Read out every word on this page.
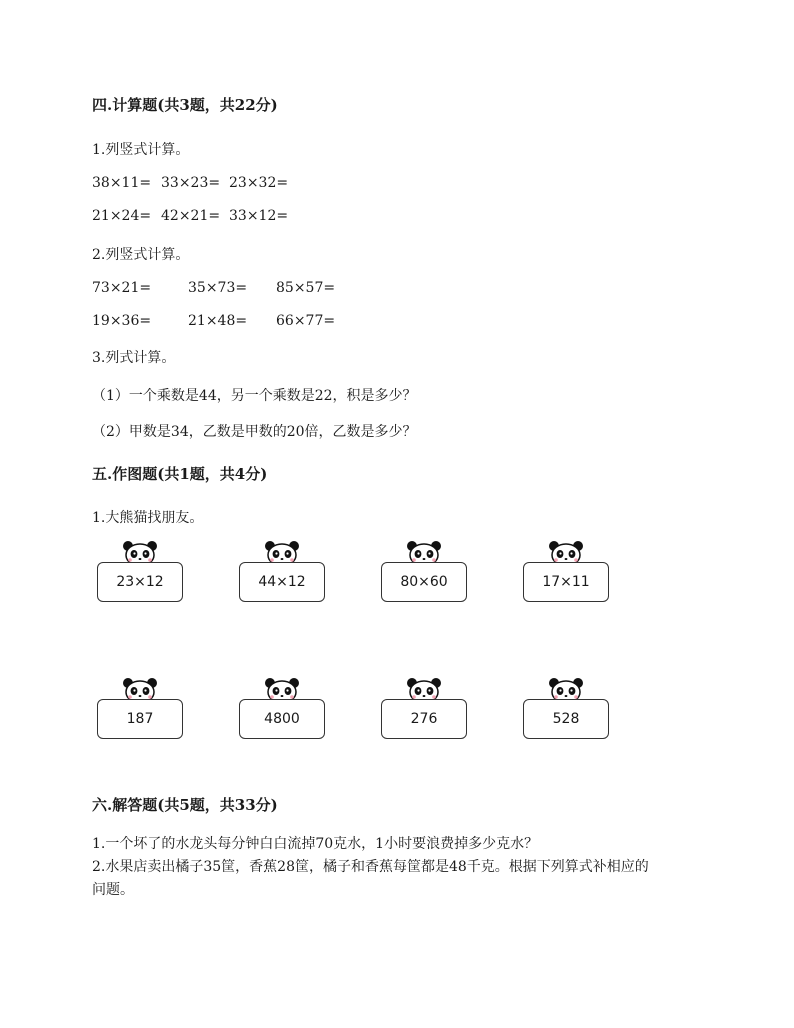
四.计算题(共3题，共22分)
1.列竖式计算。
38×11= 33×23= 23×32=
21×24= 42×21= 33×12=
2.列竖式计算。
73×21=	35×73= 85×57=
19×36=	21×48= 66×77=
3.列式计算。
（1）一个乘数是44，另一个乘数是22，积是多少？
（2）甲数是34，乙数是甲数的20倍，乙数是多少？
五.作图题(共1题，共4分)
1.大熊猫找朋友。
23×12	44×12	80×60	17×11
187	4800	276	528
六.解答题(共5题，共33分)
1.一个坏了的水龙头每分钟白白流掉70克水，1小时要浪费掉多少克水？
2.水果店卖出橘子35筐，香蕉28筐，橘子和香蕉每筐都是48千克。根据下列算式补相应的
问题。
